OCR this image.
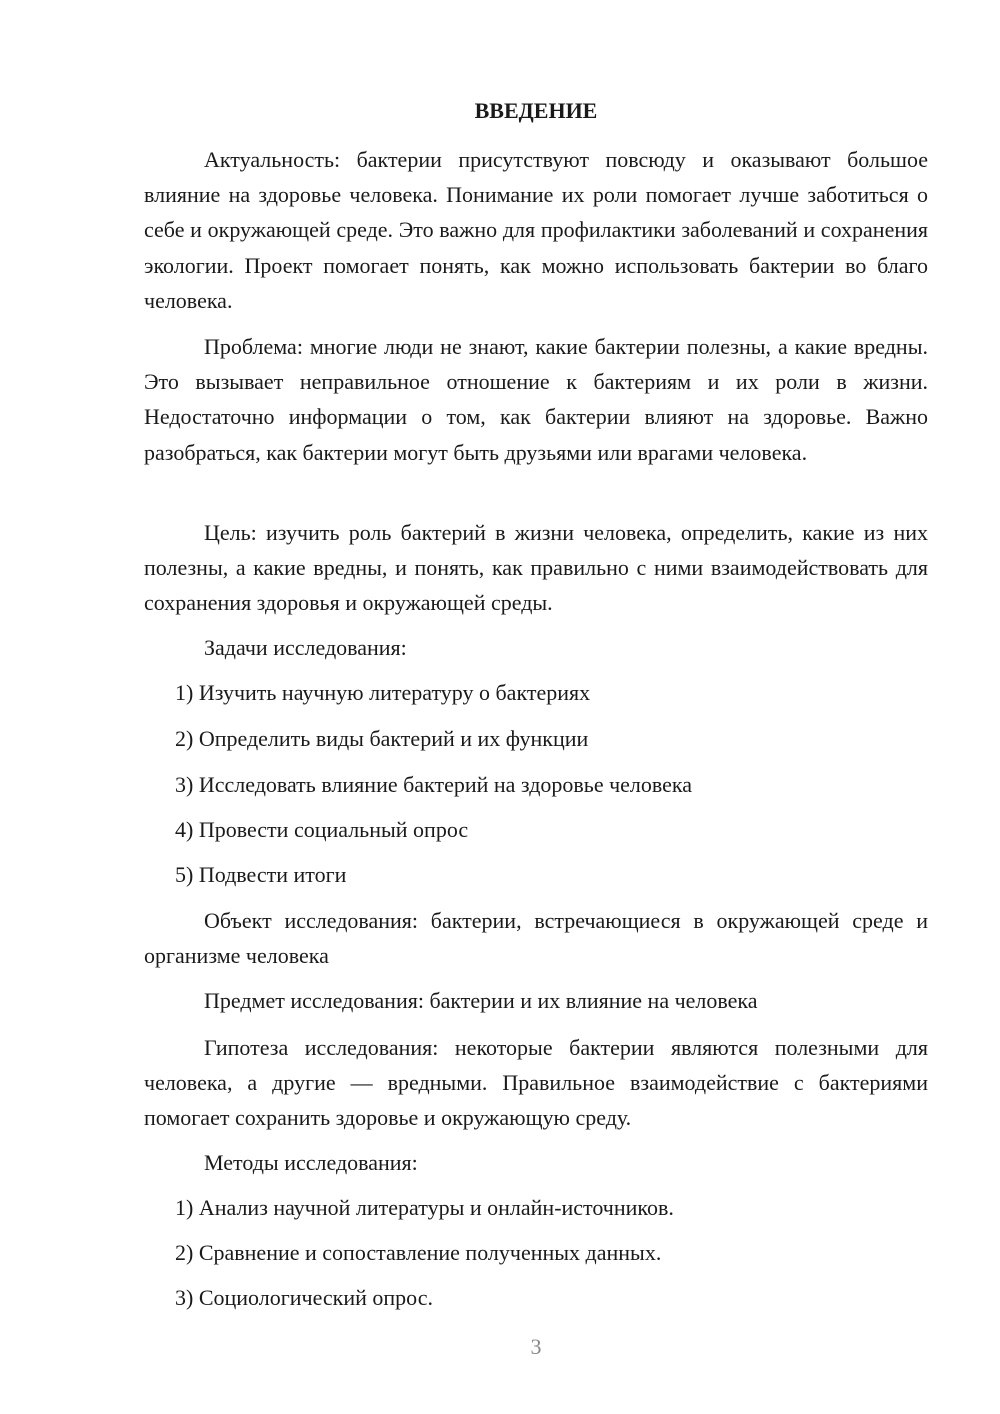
ВВЕДЕНИЕ

Актуальность: бактерии присутствуют повсюду и оказывают большое влияние на здоровье человека. Понимание их роли помогает лучше заботиться о себе и окружающей среде. Это важно для профилактики заболеваний и сохранения экологии. Проект помогает понять, как можно использовать бактерии во благо человека.

Проблема: многие люди не знают, какие бактерии полезны, а какие вредны. Это вызывает неправильное отношение к бактериям и их роли в жизни. Недостаточно информации о том, как бактерии влияют на здоровье. Важно разобраться, как бактерии могут быть друзьями или врагами человека.

Цель: изучить роль бактерий в жизни человека, определить, какие из них полезны, а какие вредны, и понять, как правильно с ними взаимодействовать для сохранения здоровья и окружающей среды.

Задачи исследования:

1) Изучить научную литературу о бактериях

2) Определить виды бактерий и их функции

3) Исследовать влияние бактерий на здоровье человека

4) Провести социальный опрос

5) Подвести итоги

Объект исследования: бактерии, встречающиеся в окружающей среде и организме человека

Предмет исследования: бактерии и их влияние на человека

Гипотеза исследования: некоторые бактерии являются полезными для человека, а другие — вредными. Правильное взаимодействие с бактериями помогает сохранить здоровье и окружающую среду.

Методы исследования:

1) Анализ научной литературы и онлайн-источников.

2) Сравнение и сопоставление полученных данных.

3) Социологический опрос.

3
